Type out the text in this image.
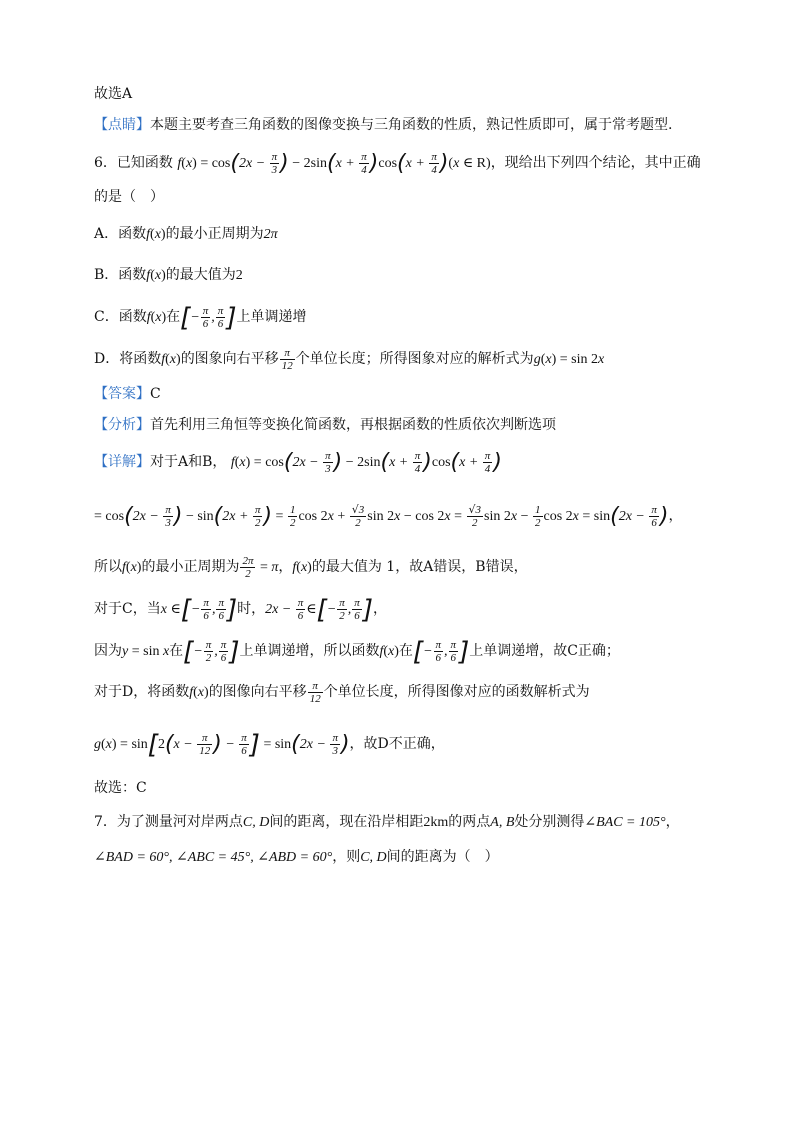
故选A
【点睛】本题主要考查三角函数的图像变换与三角函数的性质，熟记性质即可，属于常考题型.
6．已知函数 $f(x) = \cos(2x - \frac{\pi}{3}$ ) − $2\sin(x + \frac{\pi}{4} )\cos(x + \frac{\pi}{4} )(x$ ∈ R)，现给出下列四个结论，其中正确
的是（　）
A．函数f(x)的最小正周期为2π
B．函数f(x)的最大值为2
C．函数f(x)在[− $\frac{\pi}{6}$ , $\frac{\pi}{6}$ ]上单调递增
D．将函数f(x)的图象向右平移 $\frac{\pi}{12}$ 个单位长度；所得图象对应的解析式为g(x) = sin 2x
【答案】C
【分析】首先利用三角恒等变换化简函数，再根据函数的性质依次判断选项
【详解】对于A和B， $f(x) = \cos(2x - \frac{\pi}{3}$ ) − $2\sin(x + \frac{\pi}{4} )\cos(x + \frac{\pi}{4}$ )
= $\cos(2x - \frac{\pi}{3}$ ) − $\sin(2x + \frac{\pi}{2}$ ) = $\frac{1}{2}$ $\cos 2x + \frac{√3}{2}$ $\sin 2x - \cos 2x = \frac{√3}{2}$ $\sin 2x - \frac{1}{2}$ $\cos 2x = \sin(2x - \frac{\pi}{6}$ )，
所以f(x)的最小正周期为 $\frac{2\pi}{2} = \pi$，f(x)的最大值为 1，故A错误，B错误，
对于C，当x ∈[− $\frac{\pi}{6}$ , $\frac{\pi}{6}$ ]时，$2x - \frac{\pi}{6}$ ∈[− $\frac{\pi}{2}$ , $\frac{\pi}{6}$ ]，
因为y = sin x在[− $\frac{\pi}{2}$ , $\frac{\pi}{6}$ ]上单调递增，所以函数f(x)在[− $\frac{\pi}{6}$ , $\frac{\pi}{6}$ ]上单调递增，故C正确；
对于D，将函数f(x)的图像向右平移 $\frac{\pi}{12}$ 个单位长度，所得图像对应的函数解析式为
$g(x) = \sin[2(x - \frac{\pi}{12}$ ) − $\frac{\pi}{6}$ ] = $\sin(2x - \frac{\pi}{3}$ )，故D不正确，
故选：C
7．为了测量河对岸两点C, D间的距离，现在沿岸相距2km的两点A, B处分别测得∠BAC = 105°，
∠BAD = 60°, ∠ABC = 45°, ∠ABD = 60°，则C, D间的距离为（　）
